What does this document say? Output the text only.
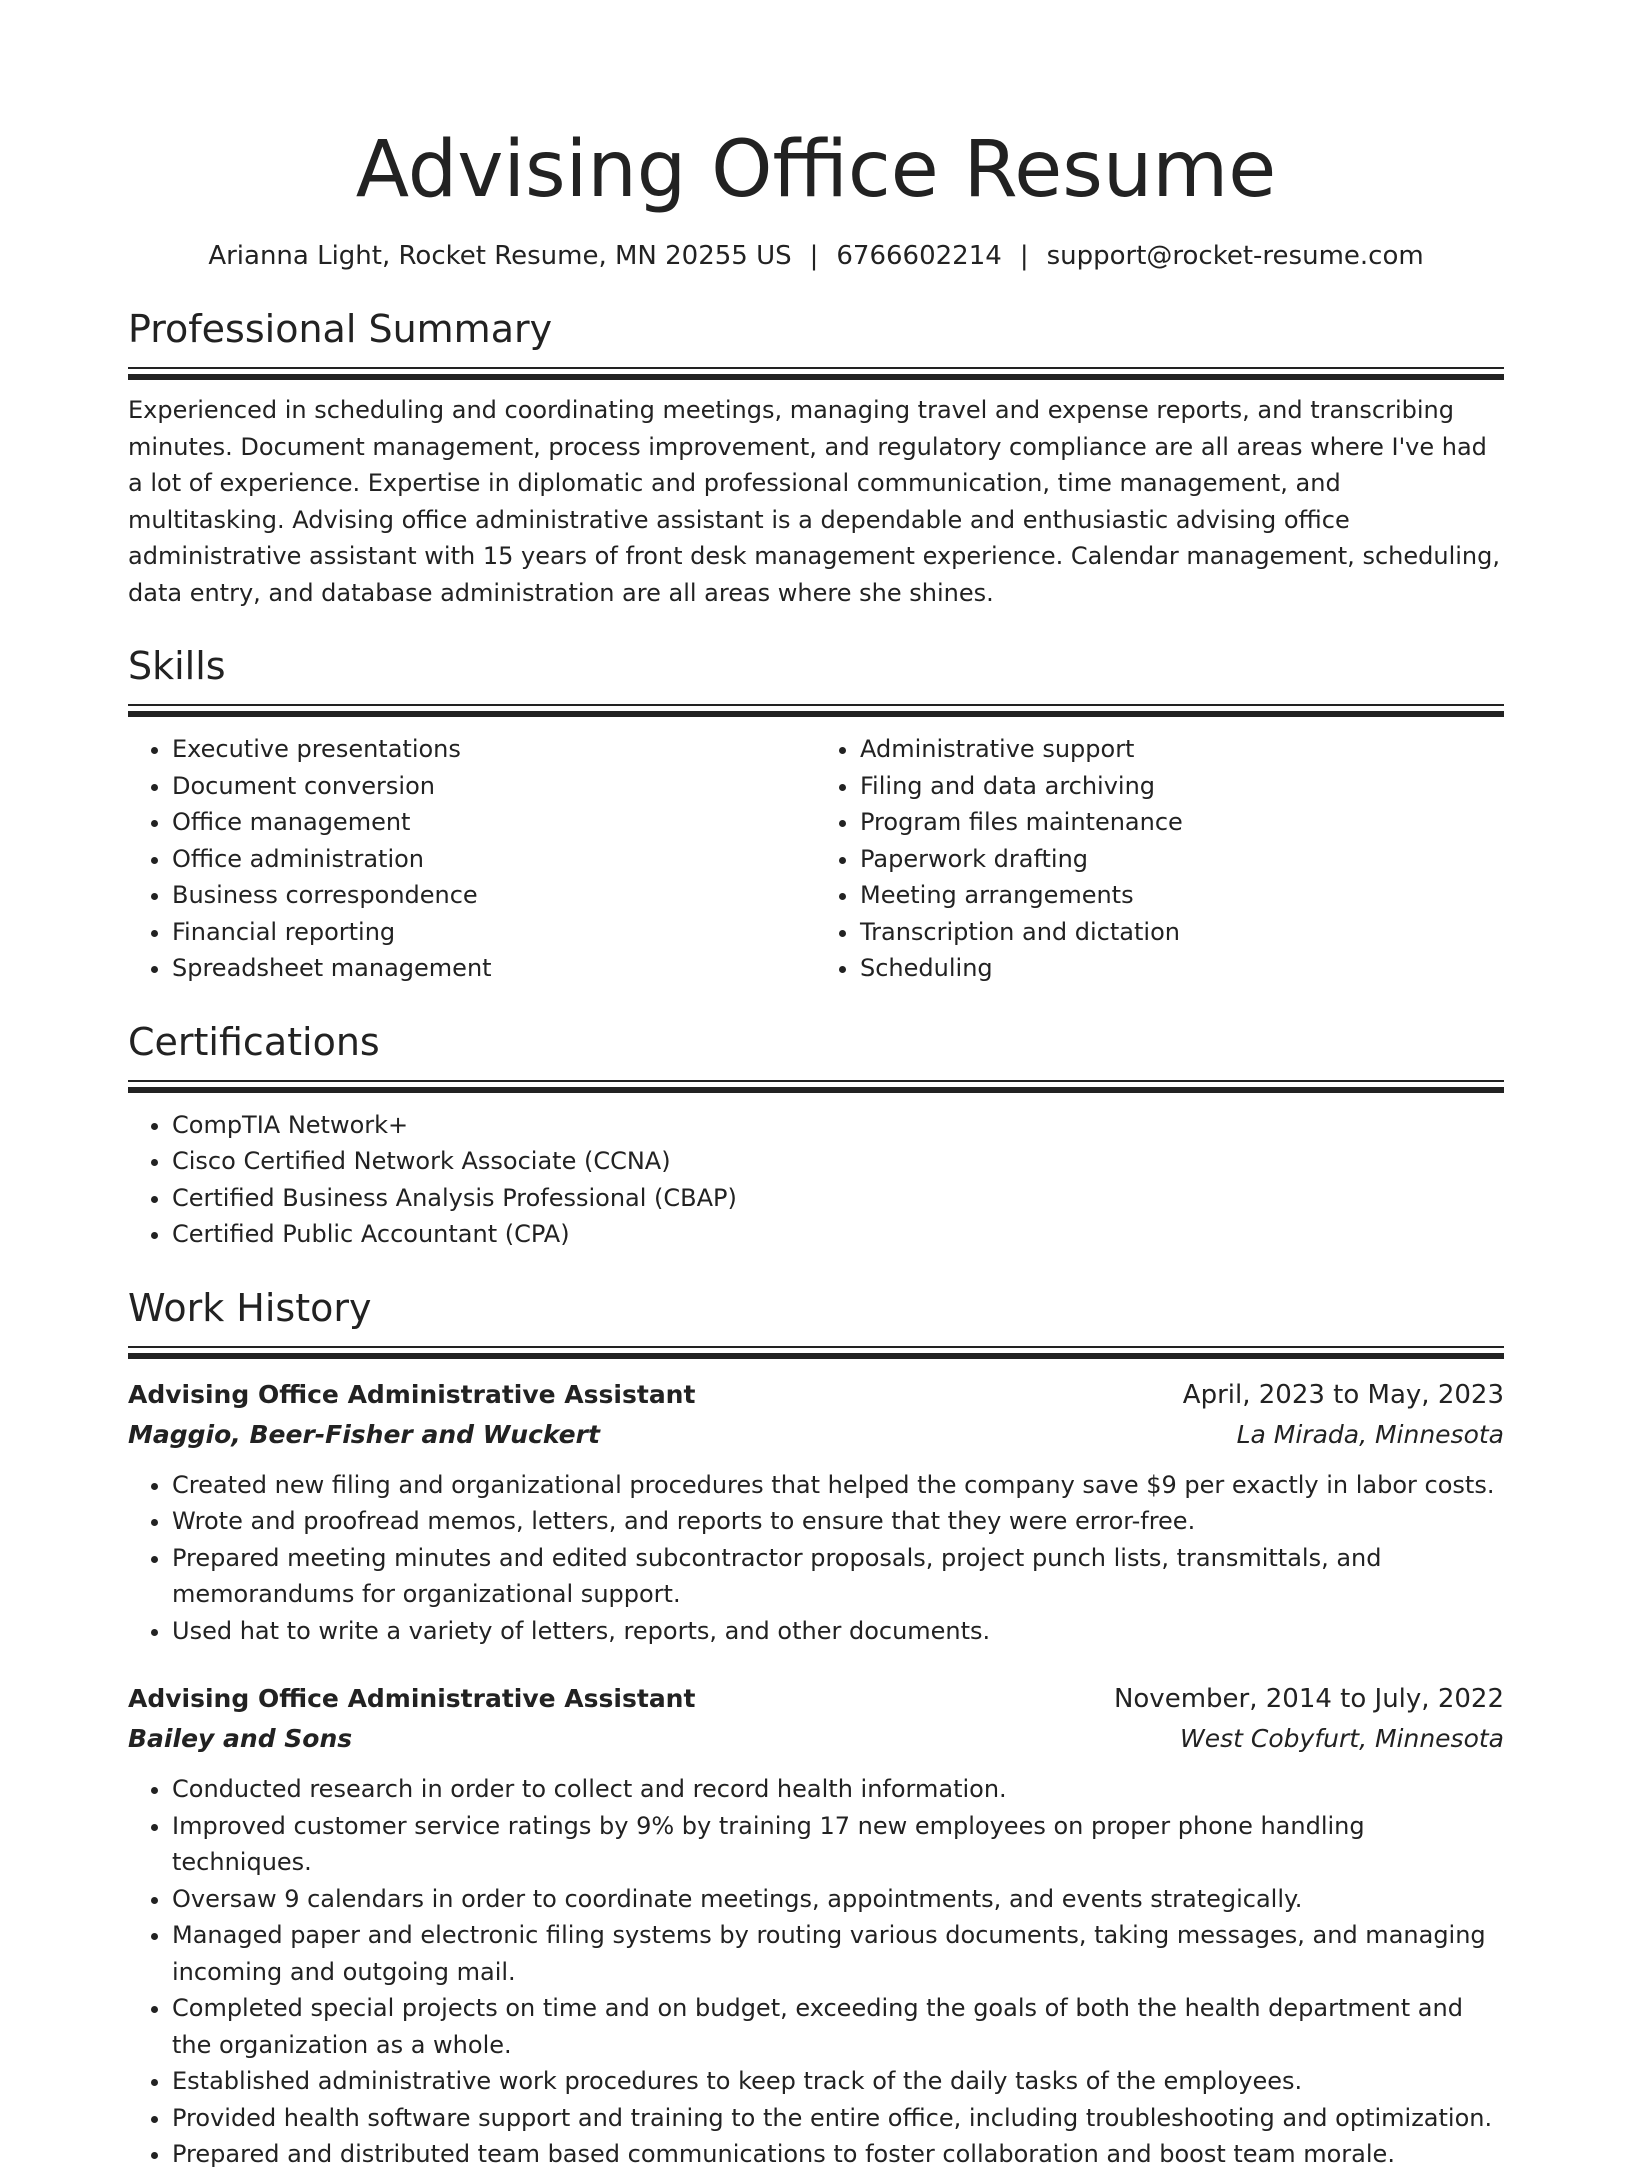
Advising Office Resume
Arianna Light, Rocket Resume, MN 20255 US | 6766602214 | support@rocket-resume.com
Professional Summary
Experienced in scheduling and coordinating meetings, managing travel and expense reports, and transcribing minutes. Document management, process improvement, and regulatory compliance are all areas where I've had a lot of experience. Expertise in diplomatic and professional communication, time management, and multitasking. Advising office administrative assistant is a dependable and enthusiastic advising office administrative assistant with 15 years of front desk management experience. Calendar management, scheduling, data entry, and database administration are all areas where she shines.
Skills
• Executive presentations
• Document conversion
• Office management
• Office administration
• Business correspondence
• Financial reporting
• Spreadsheet management
• Administrative support
• Filing and data archiving
• Program files maintenance
• Paperwork drafting
• Meeting arrangements
• Transcription and dictation
• Scheduling
Certifications
• CompTIA Network+
• Cisco Certified Network Associate (CCNA)
• Certified Business Analysis Professional (CBAP)
• Certified Public Accountant (CPA)
Work History
Advising Office Administrative Assistant	April, 2023 to May, 2023
Maggio, Beer-Fisher and Wuckert	La Mirada, Minnesota
• Created new filing and organizational procedures that helped the company save $9 per exactly in labor costs.
• Wrote and proofread memos, letters, and reports to ensure that they were error-free.
• Prepared meeting minutes and edited subcontractor proposals, project punch lists, transmittals, and memorandums for organizational support.
• Used hat to write a variety of letters, reports, and other documents.
Advising Office Administrative Assistant	November, 2014 to July, 2022
Bailey and Sons	West Cobyfurt, Minnesota
• Conducted research in order to collect and record health information.
• Improved customer service ratings by 9% by training 17 new employees on proper phone handling techniques.
• Oversaw 9 calendars in order to coordinate meetings, appointments, and events strategically.
• Managed paper and electronic filing systems by routing various documents, taking messages, and managing incoming and outgoing mail.
• Completed special projects on time and on budget, exceeding the goals of both the health department and the organization as a whole.
• Established administrative work procedures to keep track of the daily tasks of the employees.
• Provided health software support and training to the entire office, including troubleshooting and optimization.
• Prepared and distributed team based communications to foster collaboration and boost team morale.
